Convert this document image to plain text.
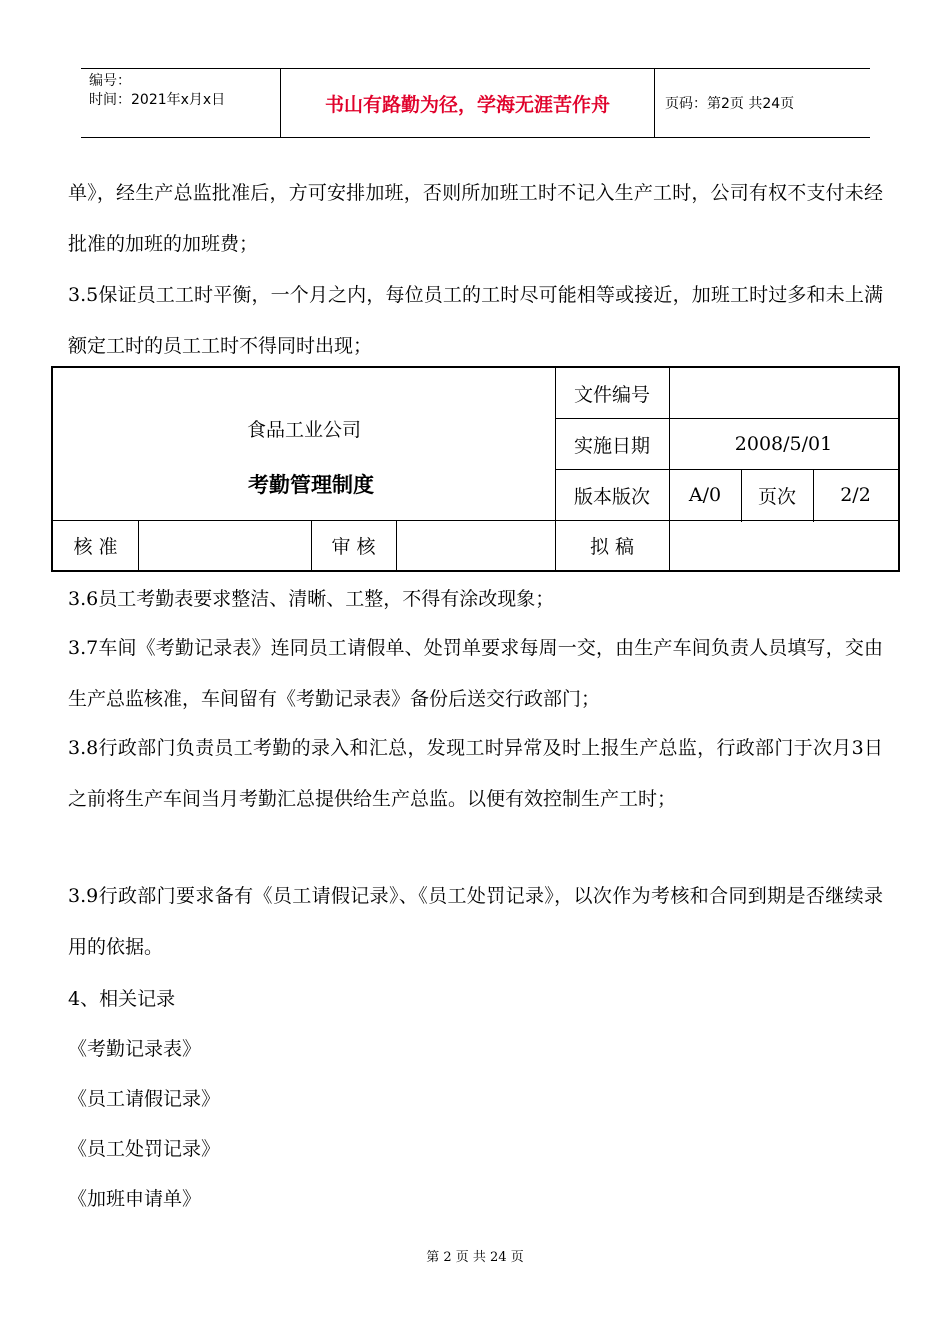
编号：
时间：2021年x月x日	书山有路勤为径，学海无涯苦作舟	页码：第2页 共24页

单》，经生产总监批准后，方可安排加班，否则所加班工时不记入生产工时，公司有权不支付未经批准的加班的加班费；

3.5保证员工工时平衡，一个月之内，每位员工的工时尽可能相等或接近，加班工时过多和未上满额定工时的员工工时不得同时出现；

食品工业公司
考勤管理制度
文件编号
实施日期	2008/5/01
版本版次	A/0	页次	2/2
核 准	审 核	拟 稿

3.6员工考勤表要求整洁、清晰、工整，不得有涂改现象；

3.7车间《考勤记录表》连同员工请假单、处罚单要求每周一交，由生产车间负责人员填写，交由生产总监核准，车间留有《考勤记录表》备份后送交行政部门；

3.8行政部门负责员工考勤的录入和汇总，发现工时异常及时上报生产总监，行政部门于次月3日之前将生产车间当月考勤汇总提供给生产总监。以便有效控制生产工时；

3.9行政部门要求备有《员工请假记录》、《员工处罚记录》，以次作为考核和合同到期是否继续录用的依据。

4、相关记录
《考勤记录表》
《员工请假记录》
《员工处罚记录》
《加班申请单》
第 2 页 共 24 页
